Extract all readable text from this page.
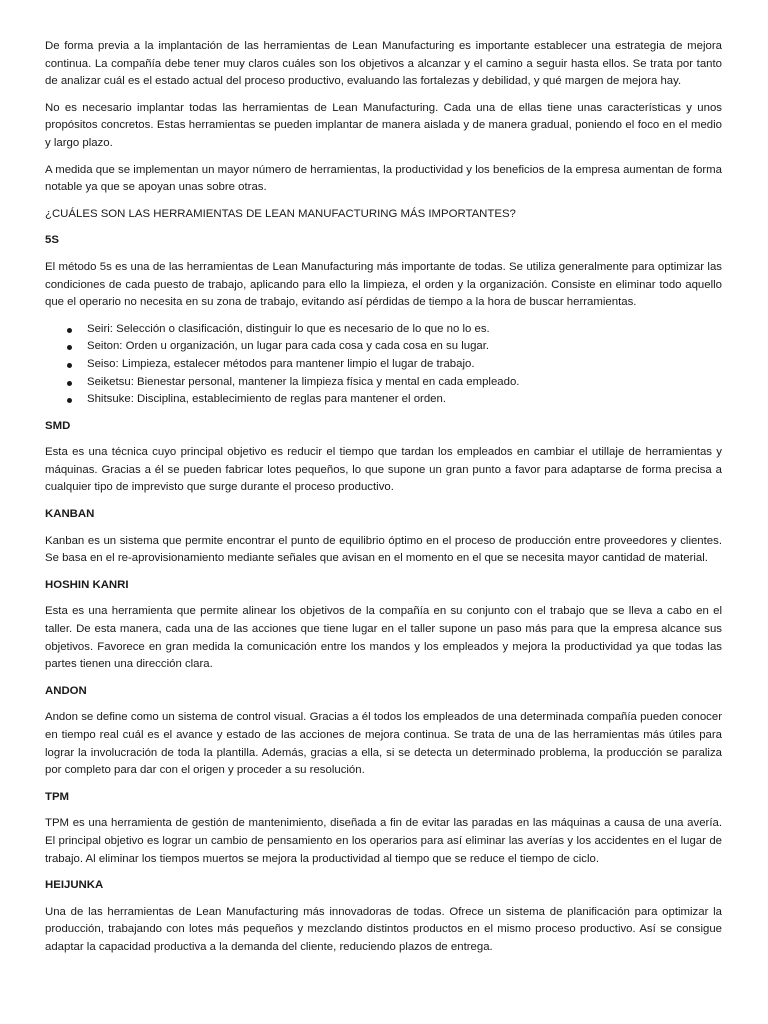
De forma previa a la implantación de las herramientas de Lean Manufacturing es importante establecer una estrategia de mejora continua. La compañía debe tener muy claros cuáles son los objetivos a alcanzar y el camino a seguir hasta ellos. Se trata por tanto de analizar cuál es el estado actual del proceso productivo, evaluando las fortalezas y debilidad, y qué margen de mejora hay.

No es necesario implantar todas las herramientas de Lean Manufacturing. Cada una de ellas tiene unas características y unos propósitos concretos. Estas herramientas se pueden implantar de manera aislada y de manera gradual, poniendo el foco en el medio y largo plazo.

A medida que se implementan un mayor número de herramientas, la productividad y los beneficios de la empresa aumentan de forma notable ya que se apoyan unas sobre otras.

¿CUÁLES SON LAS HERRAMIENTAS DE LEAN MANUFACTURING MÁS IMPORTANTES?
5S

El método 5s es una de las herramientas de Lean Manufacturing más importante de todas. Se utiliza generalmente para optimizar las condiciones de cada puesto de trabajo, aplicando para ello la limpieza, el orden y la organización. Consiste en eliminar todo aquello que el operario no necesita en su zona de trabajo, evitando así pérdidas de tiempo a la hora de buscar herramientas.

Seiri: Selección o clasificación, distinguir lo que es necesario de lo que no lo es.
Seiton: Orden u organización, un lugar para cada cosa y cada cosa en su lugar.
Seiso: Limpieza, estalecer métodos para mantener limpio el lugar de trabajo.
Seiketsu: Bienestar personal, mantener la limpieza física y mental en cada empleado.
Shitsuke: Disciplina, establecimiento de reglas para mantener el orden.
SMD

Esta es una técnica cuyo principal objetivo es reducir el tiempo que tardan los empleados en cambiar el utillaje de herramientas y máquinas. Gracias a él se pueden fabricar lotes pequeños, lo que supone un gran punto a favor para adaptarse de forma precisa a cualquier tipo de imprevisto que surge durante el proceso productivo.

KANBAN

Kanban es un sistema que permite encontrar el punto de equilibrio óptimo en el proceso de producción entre proveedores y clientes. Se basa en el re-aprovisionamiento mediante señales que avisan en el momento en el que se necesita mayor cantidad de material.

HOSHIN KANRI

Esta es una herramienta que permite alinear los objetivos de la compañía en su conjunto con el trabajo que se lleva a cabo en el taller. De esta manera, cada una de las acciones que tiene lugar en el taller supone un paso más para que la empresa alcance sus objetivos. Favorece en gran medida la comunicación entre los mandos y los empleados y mejora la productividad ya que todas las partes tienen una dirección clara.

ANDON

Andon se define como un sistema de control visual. Gracias a él todos los empleados de una determinada compañía pueden conocer en tiempo real cuál es el avance y estado de las acciones de mejora continua. Se trata de una de las herramientas más útiles para lograr la involucración de toda la plantilla. Además, gracias a ella, si se detecta un determinado problema, la producción se paraliza por completo para dar con el origen y proceder a su resolución.

TPM

TPM es una herramienta de gestión de mantenimiento, diseñada a fin de evitar las paradas en las máquinas a causa de una avería. El principal objetivo es lograr un cambio de pensamiento en los operarios para así eliminar las averías y los accidentes en el lugar de trabajo. Al eliminar los tiempos muertos se mejora la productividad al tiempo que se reduce el tiempo de ciclo.

HEIJUNKA

Una de las herramientas de Lean Manufacturing más innovadoras de todas. Ofrece un sistema de planificación para optimizar la producción, trabajando con lotes más pequeños y mezclando distintos productos en el mismo proceso productivo. Así se consigue adaptar la capacidad productiva a la demanda del cliente, reduciendo plazos de entrega.
